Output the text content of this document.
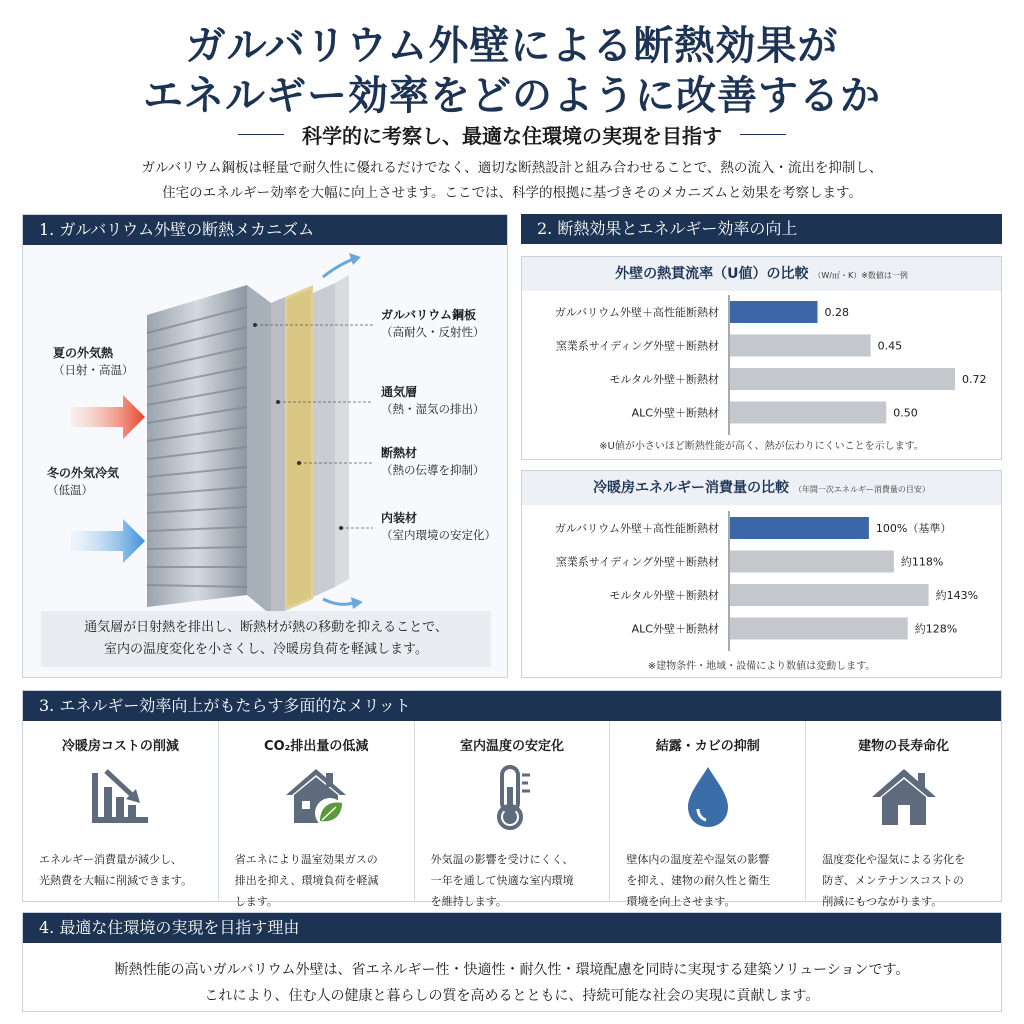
ガルバリウム外壁による断熱効果が
エネルギー効率をどのように改善するか
科学的に考察し、最適な住環境の実現を目指す
ガルバリウム鋼板は軽量で耐久性に優れるだけでなく、適切な断熱設計と組み合わせることで、熱の流入・流出を抑制し、
住宅のエネルギー効率を大幅に向上させます。ここでは、科学的根拠に基づきそのメカニズムと効果を考察します。
1. ガルバリウム外壁の断熱メカニズム
夏の外気熱
（日射・高温）
冬の外気冷気
（低温）
ガルバリウム鋼板
（高耐久・反射性）
通気層
（熱・湿気の排出）
断熱材
（熱の伝導を抑制）
内装材
（室内環境の安定化）
通気層が日射熱を排出し、断熱材が熱の移動を抑えることで、
室内の温度変化を小さくし、冷暖房負荷を軽減します。
2. 断熱効果とエネルギー効率の向上
外壁の熱貫流率（U値）の比較 （W/㎡・K）※数値は一例
ガルバリウム外壁＋高性能断熱材	0.28
窯業系サイディング外壁＋断熱材	0.45
モルタル外壁＋断熱材	0.72
ALC外壁＋断熱材	0.50
※U値が小さいほど断熱性能が高く、熱が伝わりにくいことを示します。
冷暖房エネルギー消費量の比較 （年間一次エネルギー消費量の目安）
ガルバリウム外壁＋高性能断熱材	100%（基準）
窯業系サイディング外壁＋断熱材	約118%
モルタル外壁＋断熱材	約143%
ALC外壁＋断熱材	約128%
※建物条件・地域・設備により数値は変動します。
3. エネルギー効率向上がもたらす多面的なメリット
冷暖房コストの削減

エネルギー消費量が減少し、
光熱費を大幅に削減できます。

CO₂排出量の低減

省エネにより温室効果ガスの
排出を抑え、環境負荷を軽減
します。

室内温度の安定化

外気温の影響を受けにくく、
一年を通して快適な室内環境
を維持します。

結露・カビの抑制

壁体内の温度差や湿気の影響
を抑え、建物の耐久性と衛生
環境を向上させます。

建物の長寿命化

温度変化や湿気による劣化を
防ぎ、メンテナンスコストの
削減にもつながります。

4. 最適な住環境の実現を目指す理由
断熱性能の高いガルバリウム外壁は、省エネルギー性・快適性・耐久性・環境配慮を同時に実現する建築ソリューションです。
これにより、住む人の健康と暮らしの質を高めるとともに、持続可能な社会の実現に貢献します。
